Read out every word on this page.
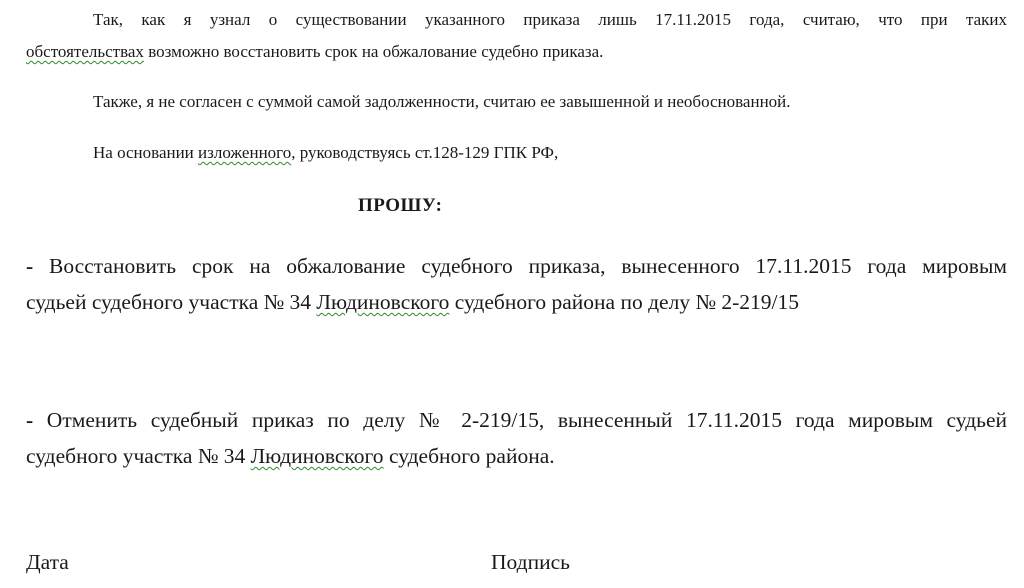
Так, как я узнал о существовании указанного приказа лишь 17.11.2015 года, считаю, что при таких
обстоятельствах возможно восстановить срок на обжалование судебно приказа.
Также, я не согласен с суммой самой задолженности, считаю ее завышенной и необоснованной.
На основании изложенного, руководствуясь ст.128-129 ГПК РФ,
ПРОШУ:
- Восстановить срок на обжалование судебного приказа, вынесенного 17.11.2015 года мировым
судьей судебного участка № 34 Людиновского судебного района по делу № 2-219/15
- Отменить судебный приказ по делу № 2-219/15, вынесенный 17.11.2015 года мировым судьей
судебного участка № 34 Людиновского судебного района.
Дата	Подпись
